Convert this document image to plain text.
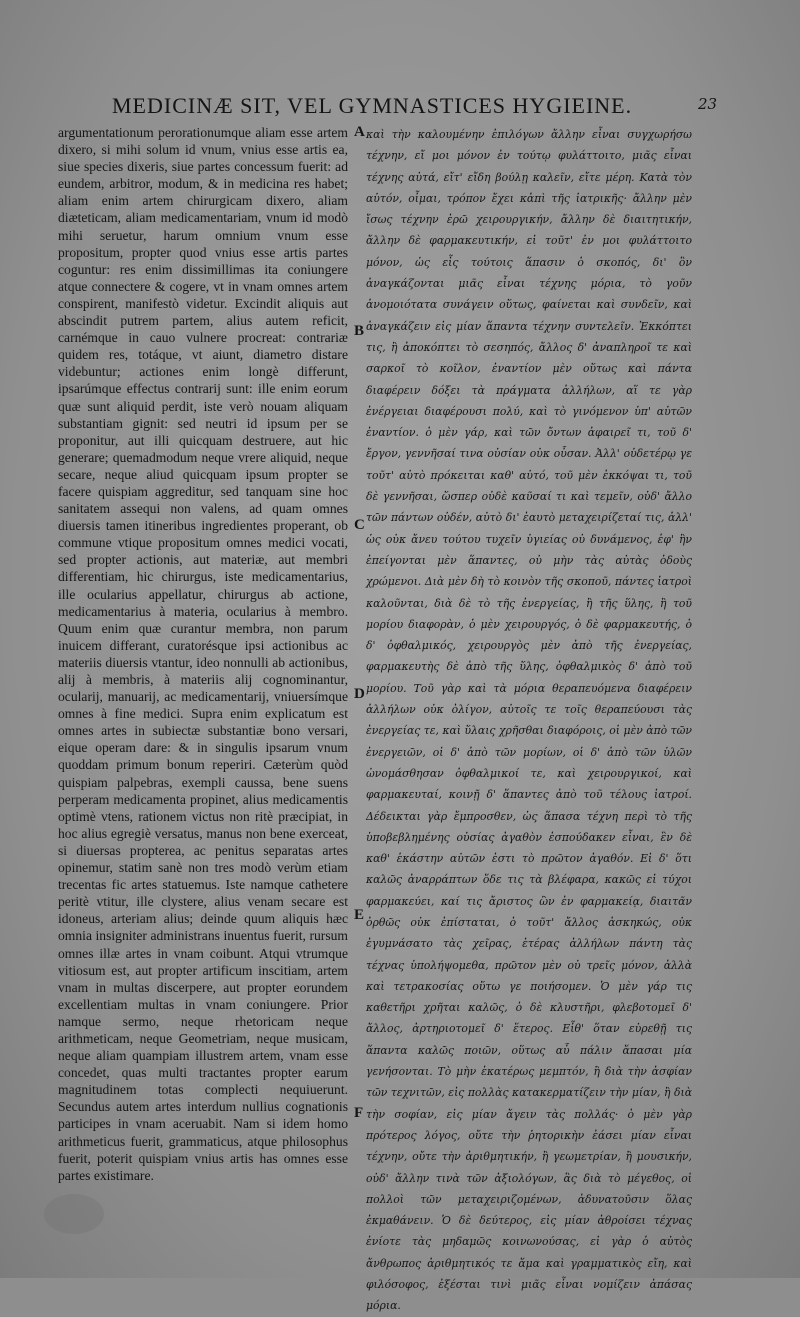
MEDICINÆ SIT, VEL GYMNASTICES HYGIEINE.	23

argumentationum perorationumque aliam esse artem dixero, si mihi solum id vnum, vnius esse artis ea, siue species dixeris, siue partes concessum fuerit: ad eundem, arbitror, modum, & in medicina res habet; aliam enim artem chirurgicam dixero, aliam diæteticam, aliam medicamentariam, vnum id modò mihi seruetur, harum omnium vnum esse propositum, propter quod vnius esse artis partes coguntur: res enim dissimillimas ita coniungere atque connectere & cogere, vt in vnam omnes artem conspirent, manifestò videtur. Excindit aliquis aut abscindit putrem partem, alius autem reficit, carnémque in cauo vulnere procreat: contrariæ quidem res, totáque, vt aiunt, diametro distare videbuntur; actiones enim longè differunt, ipsarúmque effectus contrarij sunt: ille enim eorum quæ sunt aliquid perdit, iste verò nouam aliquam substantiam gignit: sed neutri id ipsum per se proponitur, aut illi quicquam destruere, aut hic generare; quemadmodum neque vrere aliquid, neque secare, neque aliud quicquam ipsum propter se facere quispiam aggreditur, sed tanquam sine hoc sanitatem assequi non valens, ad quam omnes diuersis tamen itineribus ingredientes properant, ob commune vtique propositum omnes medici vocati, sed propter actionis, aut materiæ, aut membri differentiam, hic chirurgus, iste medicamentarius, ille ocularius appellatur, chirurgus ab actione, medicamentarius à materia, ocularius à membro. Quum enim quæ curantur membra, non parum inuicem differant, curatorésque ipsi actionibus ac materiis diuersis vtantur, ideo nonnulli ab actionibus, alij à membris, à materiis alij cognominantur, ocularij, manuarij, ac medicamentarij, vniuersímque omnes à fine medici. Supra enim explicatum est omnes artes in subiectæ substantiæ bono versari, eique operam dare: & in singulis ipsarum vnum quoddam primum bonum reperiri. Cæterùm quòd quispiam palpebras, exempli caussa, bene suens perperam medicamenta propinet, alius medicamentis optimè vtens, rationem victus non ritè præcipiat, in hoc alius egregiè versatus, manus non bene exerceat, si diuersas propterea, ac penitus separatas artes opinemur, statim sanè non tres modò verùm etiam trecentas fic artes statuemus. Iste namque cathetere peritè vtitur, ille clystere, alius venam secare est idoneus, arteriam alius; deinde quum aliquis hæc omnia insigniter administrans inuentus fuerit, rursum omnes illæ artes in vnam coibunt. Atqui vtrumque vitiosum est, aut propter artificum inscitiam, artem vnam in multas discerpere, aut propter eorundem excellentiam multas in vnam coniungere. Prior namque sermo, neque rhetoricam neque arithmeticam, neque Geometriam, neque musicam, neque aliam quampiam illustrem artem, vnam esse concedet, quas multi tractantes propter earum magnitudinem totas complecti nequiuerunt. Secundus autem artes interdum nullius cognationis participes in vnam aceruabit. Nam si idem homo arithmeticus fuerit, grammaticus, atque philosophus fuerit, poterit quispiam vnius artis has omnes esse partes existimare.

A
B
C
D
E
F

καὶ τὴν καλουμένην ἐπιλόγων ἄλλην εἶναι συγχωρήσω τέχνην, εἴ μοι μόνον ἐν τούτῳ φυλάττοιτο, μιᾶς εἶναι τέχνης αὐτά, εἴτ' εἴδη βούλῃ καλεῖν, εἴτε μέρη. Κατὰ τὸν αὐτόν, οἶμαι, τρόπον ἔχει κἀπὶ τῆς ἰατρικῆς· ἄλλην μὲν ἴσως τέχνην ἐρῶ χειρουργικήν, ἄλλην δὲ διαιτητικήν, ἄλλην δὲ φαρμακευτικήν, εἰ τοῦτ' ἐν μοι φυλάττοιτο μόνον, ὡς εἷς τούτοις ἅπασιν ὁ σκοπός, δι' ὃν ἀναγκάζονται μιᾶς εἶναι τέχνης μόρια, τὸ γοῦν ἀνομοιότατα συνάγειν οὕτως, φαίνεται καὶ συνδεῖν, καὶ ἀναγκάζειν εἰς μίαν ἅπαντα τέχνην συντελεῖν. Ἐκκόπτει τις, ἢ ἀποκόπτει τὸ σεσηπός, ἄλλος δ' ἀναπληροῖ τε καὶ σαρκοῖ τὸ κοῖλον, ἐναντίον μὲν οὕτως καὶ πάντα διαφέρειν δόξει τὰ πράγματα ἀλλήλων, αἵ τε γὰρ ἐνέργειαι διαφέρουσι πολύ, καὶ τὸ γινόμενον ὑπ' αὐτῶν ἐναντίον. ὁ μὲν γάρ, καὶ τῶν ὄντων ἀφαιρεῖ τι, τοῦ δ' ἔργον, γεννῆσαί τινα οὐσίαν οὐκ οὖσαν. Ἀλλ' οὐδετέρῳ γε τοῦτ' αὐτὸ πρόκειται καθ' αὐτό, τοῦ μὲν ἐκκόψαι τι, τοῦ δὲ γεννῆσαι, ὥσπερ οὐδὲ καῦσαί τι καὶ τεμεῖν, οὐδ' ἄλλο τῶν πάντων οὐδέν, αὐτὸ δι' ἑαυτὸ μεταχειρίζεταί τις, ἀλλ' ὡς οὐκ ἄνευ τούτου τυχεῖν ὑγιείας οὐ δυνάμενος, ἐφ' ἣν ἐπείγονται μὲν ἅπαντες, οὐ μὴν τὰς αὐτὰς ὁδοὺς χρώμενοι. Διὰ μὲν δὴ τὸ κοινὸν τῆς σκοποῦ, πάντες ἰατροὶ καλοῦνται, διὰ δὲ τὸ τῆς ἐνεργείας, ἢ τῆς ὕλης, ἢ τοῦ μορίου διαφορὰν, ὁ μὲν χειρουργός, ὁ δὲ φαρμακευτής, ὁ δ' ὀφθαλμικός, χειρουργὸς μὲν ἀπὸ τῆς ἐνεργείας, φαρμακευτὴς δὲ ἀπὸ τῆς ὕλης, ὀφθαλμικὸς δ' ἀπὸ τοῦ μορίου. Τοῦ γὰρ καὶ τὰ μόρια θεραπευόμενα διαφέρειν ἀλλήλων οὐκ ὀλίγον, αὐτοῖς τε τοῖς θεραπεύουσι τὰς ἐνεργείας τε, καὶ ὕλαις χρῆσθαι διαφόροις, οἱ μὲν ἀπὸ τῶν ἐνεργειῶν, οἱ δ' ἀπὸ τῶν μορίων, οἱ δ' ἀπὸ τῶν ὑλῶν ὠνομάσθησαν ὀφθαλμικοί τε, καὶ χειρουργικοί, καὶ φαρμακευταί, κοινῇ δ' ἅπαντες ἀπὸ τοῦ τέλους ἰατροί. Δέδεικται γὰρ ἔμπροσθεν, ὡς ἅπασα τέχνη περὶ τὸ τῆς ὑποβεβλημένης οὐσίας ἀγαθὸν ἐσπούδακεν εἶναι, ἓν δὲ καθ' ἑκάστην αὐτῶν ἐστι τὸ πρῶτον ἀγαθόν. Εἰ δ' ὅτι καλῶς ἀναρράπτων ὅδε τις τὰ βλέφαρα, κακῶς εἰ τύχοι φαρμακεύει, καί τις ἄριστος ὢν ἐν φαρμακείᾳ, διαιτᾶν ὀρθῶς οὐκ ἐπίσταται, ὁ τοῦτ' ἄλλος ἀσκηκώς, οὐκ ἐγυμνάσατο τὰς χεῖρας, ἑτέρας ἀλλήλων πάντη τὰς τέχνας ὑπολήψομεθα, πρῶτον μὲν οὐ τρεῖς μόνον, ἀλλὰ καὶ τετρακοσίας οὕτω γε ποιήσομεν. Ὁ μὲν γάρ τις καθετῆρι χρῆται καλῶς, ὁ δὲ κλυστῆρι, φλεβοτομεῖ δ' ἄλλος, ἀρτηριοτομεῖ δ' ἕτερος. Εἶθ' ὅταν εὑρεθῇ τις ἅπαντα καλῶς ποιῶν, οὕτως αὖ πάλιν ἅπασαι μία γενήσονται. Τὸ μὴν ἑκατέρως μεμπτόν, ἢ διὰ τὴν ἀσφίαν τῶν τεχνιτῶν, εἰς πολλὰς κατακερματίζειν τὴν μίαν, ἢ διὰ τὴν σοφίαν, εἰς μίαν ἄγειν τὰς πολλάς· ὁ μὲν γὰρ πρότερος λόγος, οὔτε τὴν ῥητορικὴν ἐάσει μίαν εἶναι τέχνην, οὔτε τὴν ἀριθμητικήν, ἢ γεωμετρίαν, ἢ μουσικήν, οὐδ' ἄλλην τινὰ τῶν ἀξιολόγων, ἃς διὰ τὸ μέγεθος, οἱ πολλοὶ τῶν μεταχειριζομένων, ἀδυνατοῦσιν ὅλας ἐκμαθάνειν. Ὁ δὲ δεύτερος, εἰς μίαν ἀθροίσει τέχνας ἐνίοτε τὰς μηδαμῶς κοινωνούσας, εἰ γὰρ ὁ αὐτὸς ἄνθρωπος ἀριθμητικός τε ἅμα καὶ γραμματικὸς εἴη, καὶ φιλόσοφος, ἐξέσται τινὶ μιᾶς εἶναι νομίζειν ἁπάσας μόρια.
